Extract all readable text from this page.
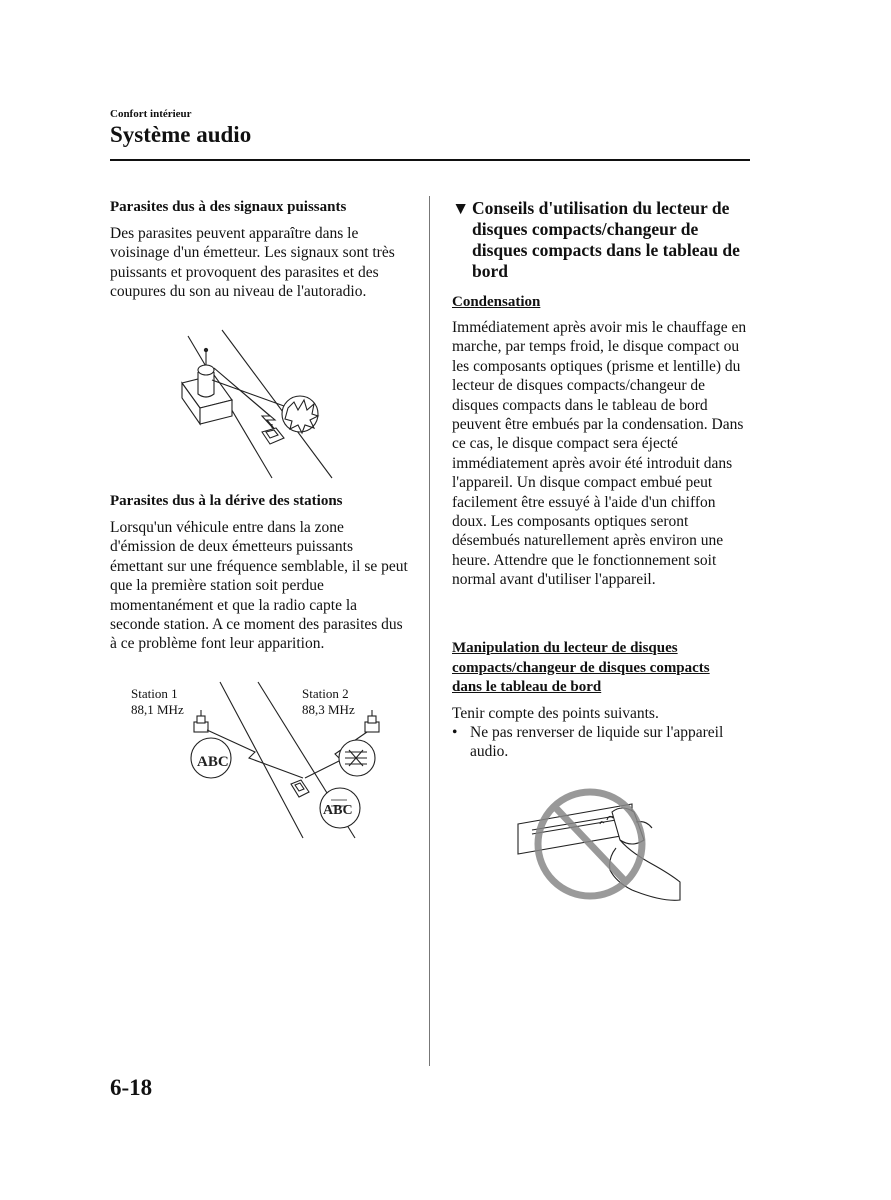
Confort intérieur
Système audio
Parasites dus à des signaux puissants
Des parasites peuvent apparaître dans le voisinage d'un émetteur. Les signaux sont très puissants et provoquent des parasites et des coupures du son au niveau de l'autoradio.
Parasites dus à la dérive des stations
Lorsqu'un véhicule entre dans la zone d'émission de deux émetteurs puissants émettant sur une fréquence semblable, il se peut que la première station soit perdue momentanément et que la radio capte la seconde station. A ce moment des parasites dus à ce problème font leur apparition.
Station 1
88,1 MHz
Station 2
88,3 MHz
ABC
ABC
▼ Conseils d'utilisation du lecteur de disques compacts/changeur de disques compacts dans le tableau de bord
Condensation
Immédiatement après avoir mis le chauffage en marche, par temps froid, le disque compact ou les composants optiques (prisme et lentille) du lecteur de disques compacts/changeur de disques compacts dans le tableau de bord peuvent être embués par la condensation. Dans ce cas, le disque compact sera éjecté immédiatement après avoir été introduit dans l'appareil. Un disque compact embué peut facilement être essuyé à l'aide d'un chiffon doux. Les composants optiques seront désembués naturellement après environ une heure. Attendre que le fonctionnement soit normal avant d'utiliser l'appareil.
Manipulation du lecteur de disques compacts/changeur de disques compacts dans le tableau de bord
Tenir compte des points suivants.
• Ne pas renverser de liquide sur l'appareil audio.
6-18
